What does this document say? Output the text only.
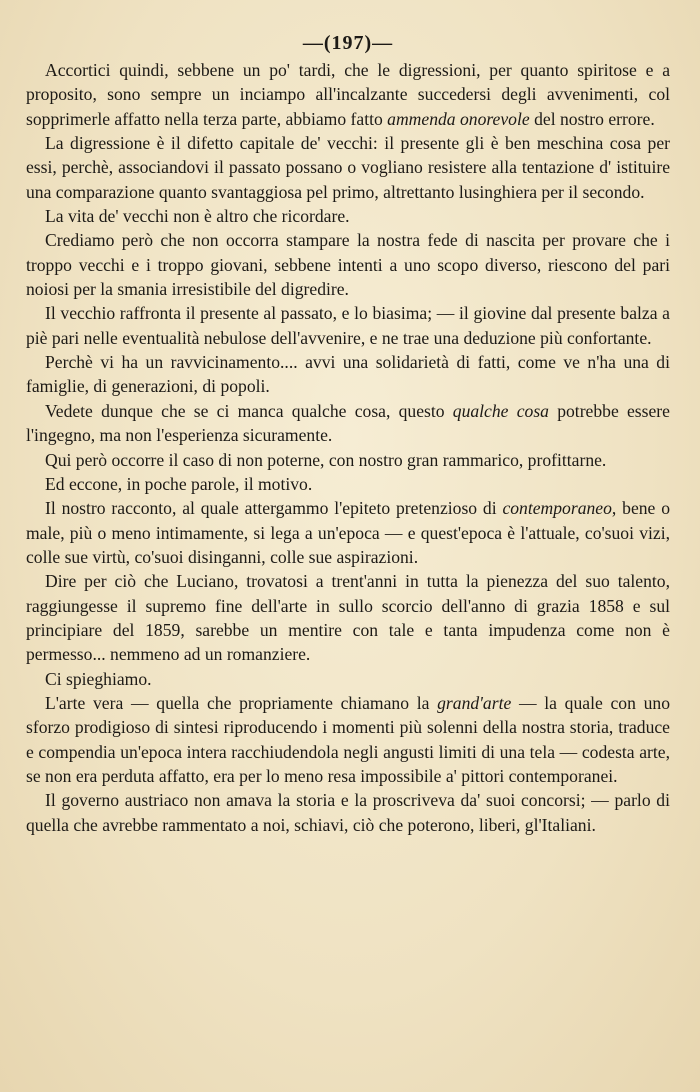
—(197)—

Accortici quindi, sebbene un po' tardi, che le digressioni, per quanto spiritose e a proposito, sono sempre un inciampo all'incalzante succedersi degli avvenimenti, col sopprimerle affatto nella terza parte, abbiamo fatto ammenda onorevole del nostro errore.

La digressione è il difetto capitale de' vecchi: il presente gli è ben meschina cosa per essi, perchè, associandovi il passato possano o vogliano resistere alla tentazione d' istituire una comparazione quanto svantaggiosa pel primo, altrettanto lusinghiera per il secondo.

La vita de' vecchi non è altro che ricordare.

Crediamo però che non occorra stampare la nostra fede di nascita per provare che i troppo vecchi e i troppo giovani, sebbene intenti a uno scopo diverso, riescono del pari noiosi per la smania irresistibile del digredire.

Il vecchio raffronta il presente al passato, e lo biasima; — il giovine dal presente balza a piè pari nelle eventualità nebulose dell'avvenire, e ne trae una deduzione più confortante.

Perchè vi ha un ravvicinamento.... avvi una solidarietà di fatti, come ve n'ha una di famiglie, di generazioni, di popoli.

Vedete dunque che se ci manca qualche cosa, questo qualche cosa potrebbe essere l'ingegno, ma non l'esperienza sicuramente.

Qui però occorre il caso di non poterne, con nostro gran rammarico, profittarne.

Ed eccone, in poche parole, il motivo.

Il nostro racconto, al quale attergammo l'epiteto pretenzioso di contemporaneo, bene o male, più o meno intimamente, si lega a un'epoca — e quest'epoca è l'attuale, co'suoi vizi, colle sue virtù, co'suoi disinganni, colle sue aspirazioni.

Dire per ciò che Luciano, trovatosi a trent'anni in tutta la pienezza del suo talento, raggiungesse il supremo fine dell'arte in sullo scorcio dell'anno di grazia 1858 e sul principiare del 1859, sarebbe un mentire con tale e tanta impudenza come non è permesso... nemmeno ad un romanziere.

Ci spieghiamo.

L'arte vera — quella che propriamente chiamano la grand'arte — la quale con uno sforzo prodigioso di sintesi riproducendo i momenti più solenni della nostra storia, traduce e compendia un'epoca intera racchiudendola negli angusti limiti di una tela — codesta arte, se non era perduta affatto, era per lo meno resa impossibile a' pittori contemporanei.

Il governo austriaco non amava la storia e la proscriveva da' suoi concorsi; — parlo di quella che avrebbe rammentato a noi, schiavi, ciò che poterono, liberi, gl'Italiani.
